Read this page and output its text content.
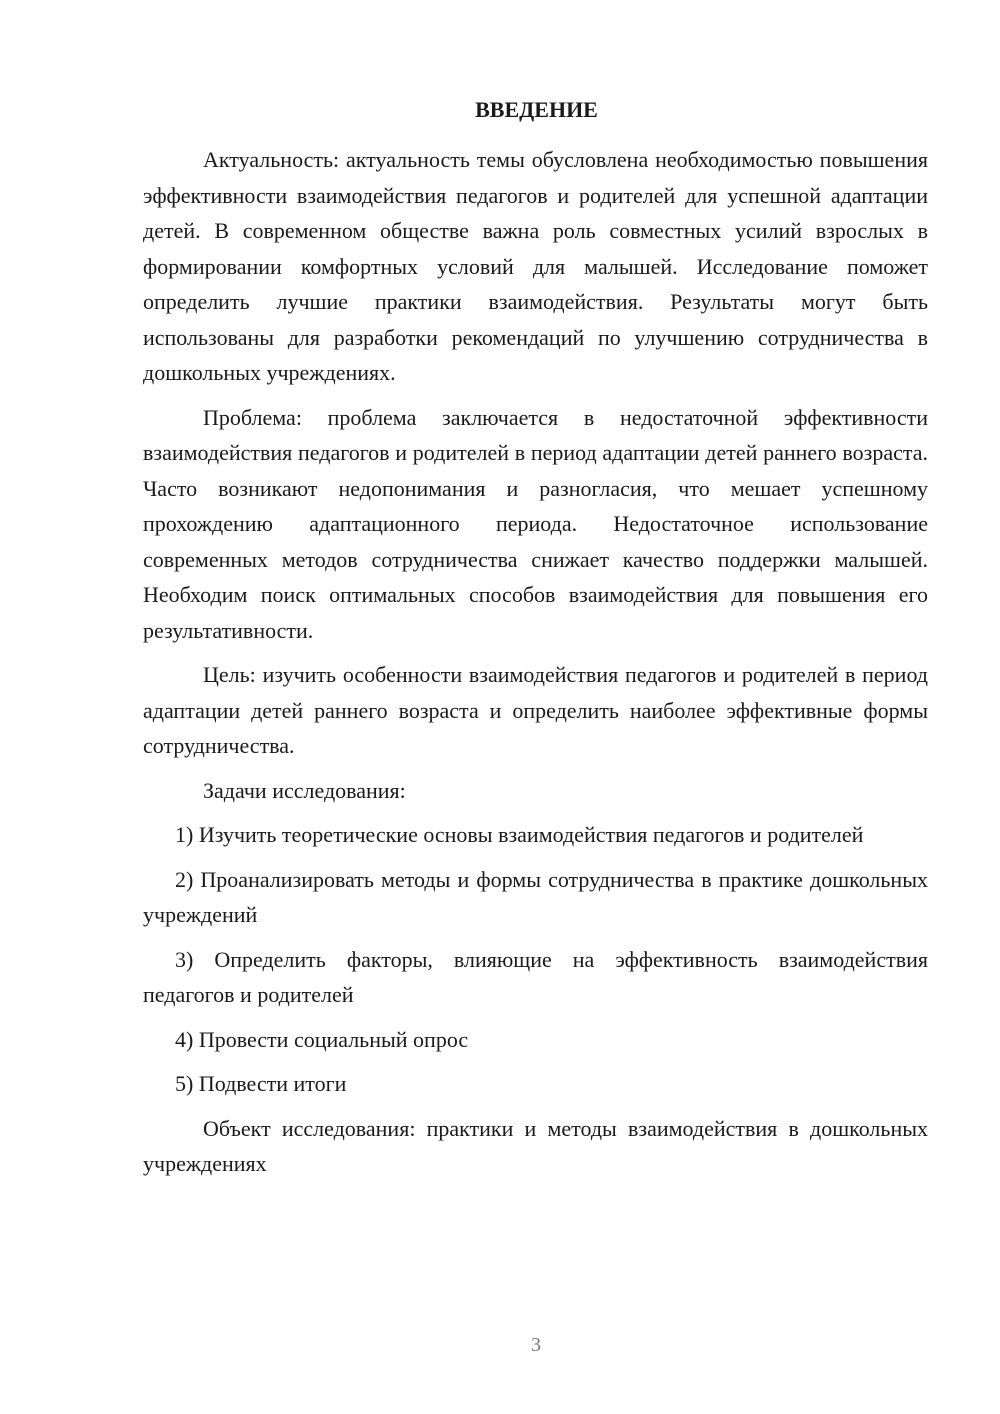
ВВЕДЕНИЕ

Актуальность: актуальность темы обусловлена необходимостью повышения эффективности взаимодействия педагогов и родителей для успешной адаптации детей. В современном обществе важна роль совместных усилий взрослых в формировании комфортных условий для малышей. Исследование поможет определить лучшие практики взаимодействия. Результаты могут быть использованы для разработки рекомендаций по улучшению сотрудничества в дошкольных учреждениях.

Проблема: проблема заключается в недостаточной эффективности взаимодействия педагогов и родителей в период адаптации детей раннего возраста. Часто возникают недопонимания и разногласия, что мешает успешному прохождению адаптационного периода. Недостаточное использование современных методов сотрудничества снижает качество поддержки малышей. Необходим поиск оптимальных способов взаимодействия для повышения его результативности.

Цель: изучить особенности взаимодействия педагогов и родителей в период адаптации детей раннего возраста и определить наиболее эффективные формы сотрудничества.

Задачи исследования:

1) Изучить теоретические основы взаимодействия педагогов и родителей

2) Проанализировать методы и формы сотрудничества в практике дошкольных учреждений

3) Определить факторы, влияющие на эффективность взаимодействия педагогов и родителей

4) Провести социальный опрос

5) Подвести итоги

Объект исследования: практики и методы взаимодействия в дошкольных учреждениях

3
